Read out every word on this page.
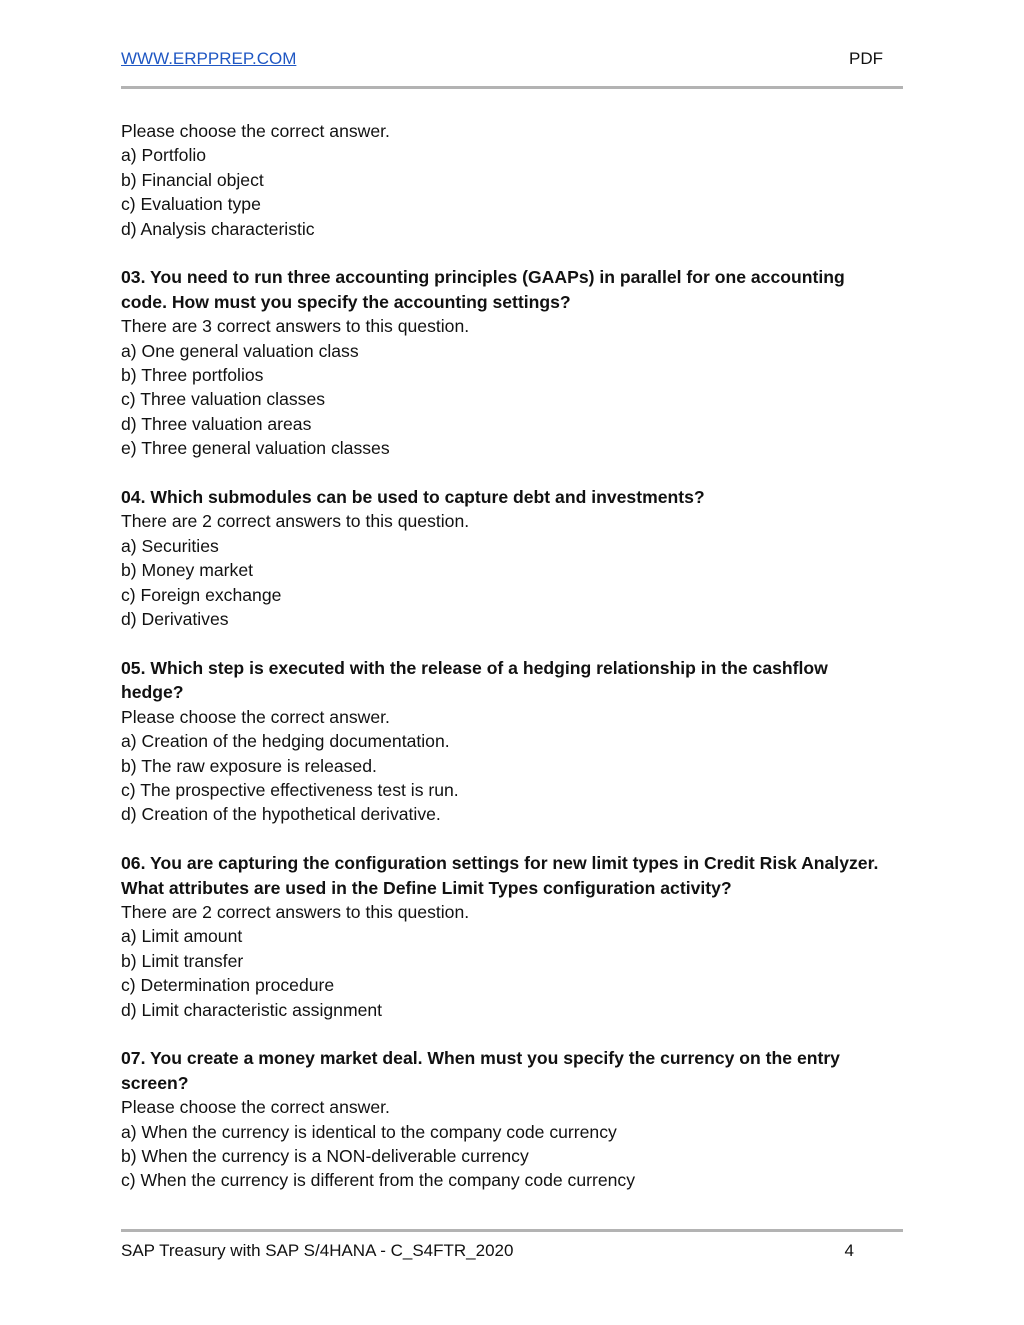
WWW.ERPPREP.COM	PDF
Please choose the correct answer.
a) Portfolio
b) Financial object
c) Evaluation type
d) Analysis characteristic
03. You need to run three accounting principles (GAAPs) in parallel for one accounting code. How must you specify the accounting settings?
There are 3 correct answers to this question.
a) One general valuation class
b) Three portfolios
c) Three valuation classes
d) Three valuation areas
e) Three general valuation classes
04. Which submodules can be used to capture debt and investments?
There are 2 correct answers to this question.
a) Securities
b) Money market
c) Foreign exchange
d) Derivatives
05. Which step is executed with the release of a hedging relationship in the cashflow hedge?
Please choose the correct answer.
a) Creation of the hedging documentation.
b) The raw exposure is released.
c) The prospective effectiveness test is run.
d) Creation of the hypothetical derivative.
06. You are capturing the configuration settings for new limit types in Credit Risk Analyzer. What attributes are used in the Define Limit Types configuration activity?
There are 2 correct answers to this question.
a) Limit amount
b) Limit transfer
c) Determination procedure
d) Limit characteristic assignment
07. You create a money market deal. When must you specify the currency on the entry screen?
Please choose the correct answer.
a) When the currency is identical to the company code currency
b) When the currency is a NON-deliverable currency
c) When the currency is different from the company code currency
SAP Treasury with SAP S/4HANA - C_S4FTR_2020	4
